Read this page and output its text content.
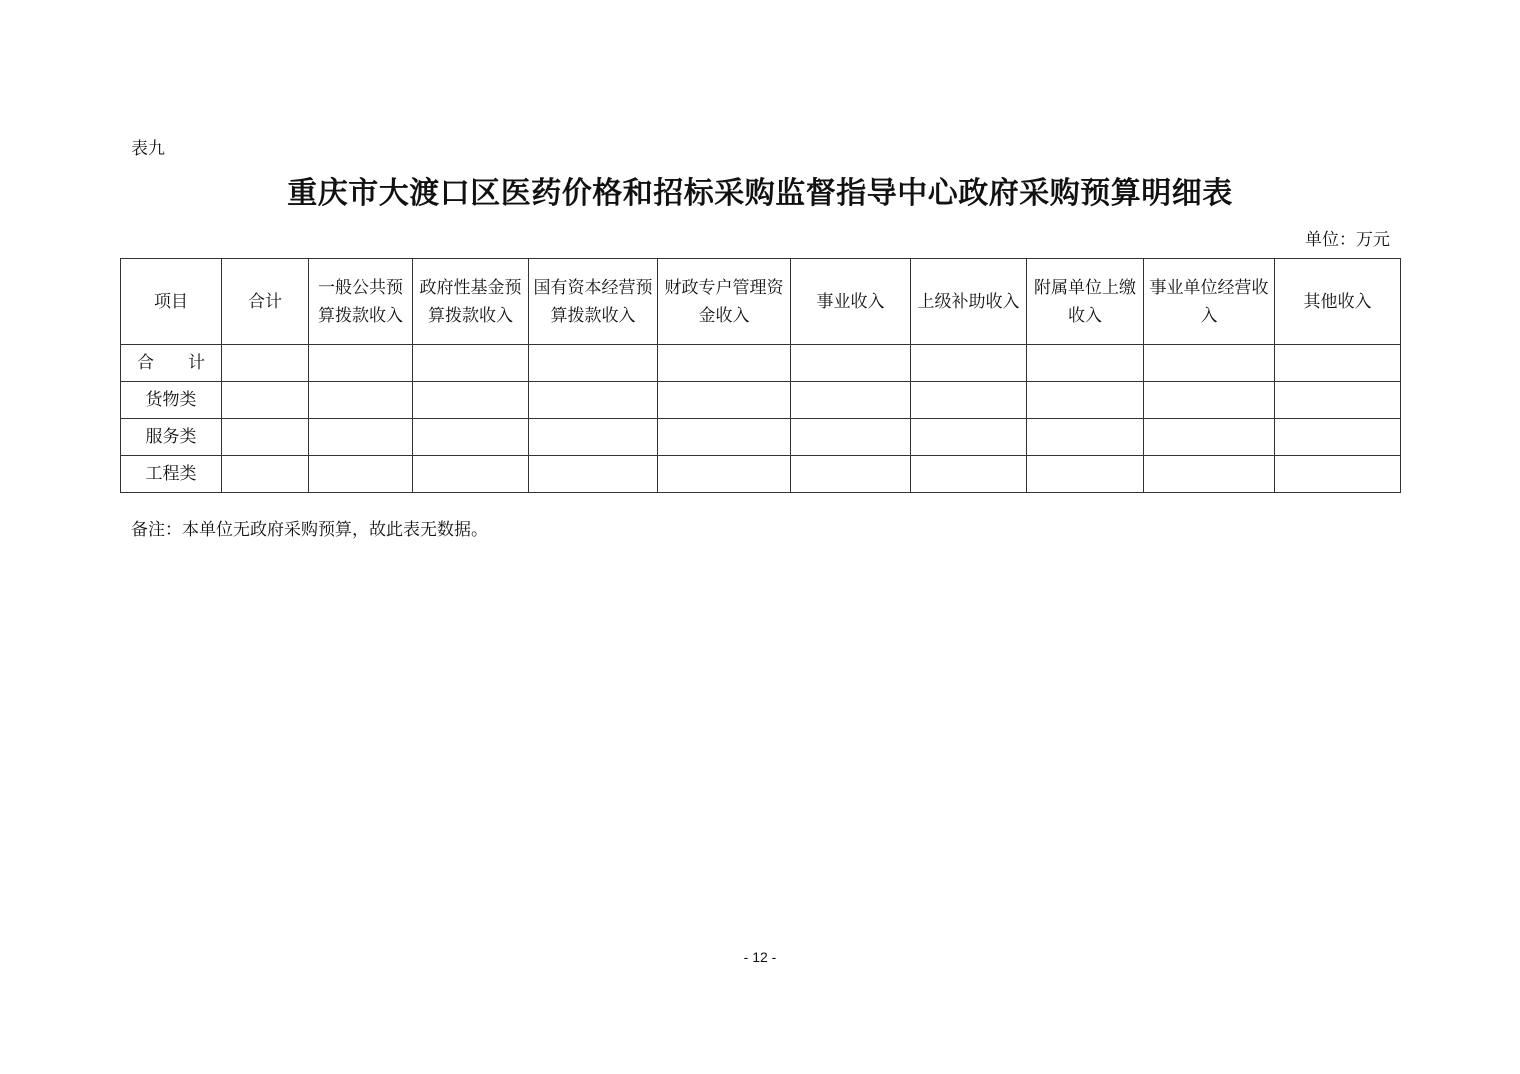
表九
重庆市大渡口区医药价格和招标采购监督指导中心政府采购预算明细表
单位：万元
项目	合计	一般公共预算拨款收入	政府性基金预算拨款收入	国有资本经营预算拨款收入	财政专户管理资金收入	事业收入	上级补助收入	附属单位上缴收入	事业单位经营收入	其他收入
合　　计										
货物类										
服务类										
工程类										
备注：本单位无政府采购预算，故此表无数据。
- 12 -
